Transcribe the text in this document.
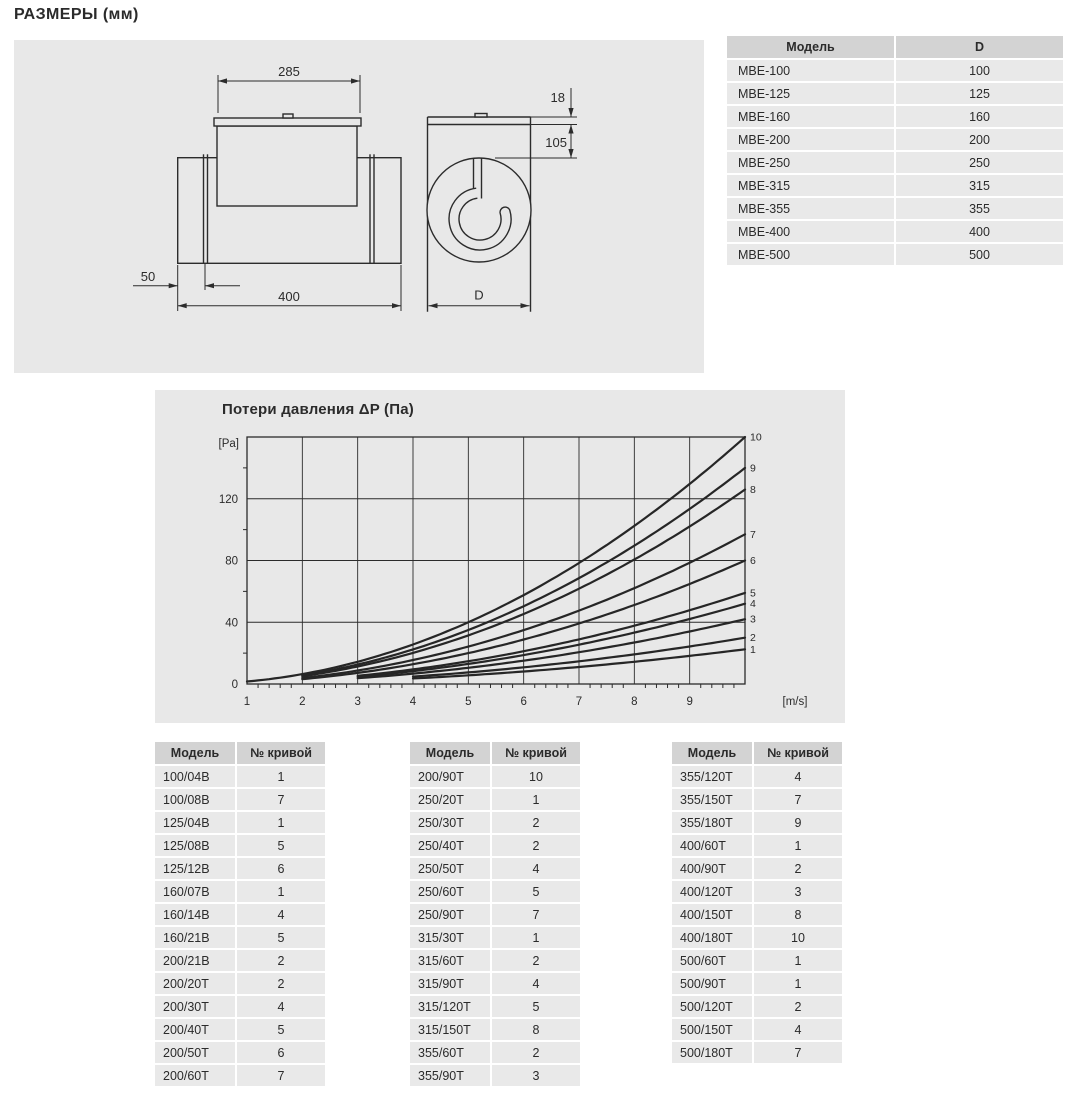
РАЗМЕРЫ (мм)
285
400
50
18
105
D
Модель	D
MBE-100	100
MBE-125	125
MBE-160	160
MBE-200	200
MBE-250	250
MBE-315	315
MBE-355	355
MBE-400	400
MBE-500	500
Потери давления ΔP (Па)
1
2
3
4
5
6
7
8
9
10
1	2	3	4	5	6	7	8	9
0
40
80
120
[Pa]
[m/s]
Модель	№ кривой
100/04B	1
100/08B	7
125/04B	1
125/08B	5
125/12B	6
160/07B	1
160/14B	4
160/21B	5
200/21B	2
200/20T	2
200/30T	4
200/40T	5
200/50T	6
200/60T	7
Модель	№ кривой
200/90T	10
250/20T	1
250/30T	2
250/40T	2
250/50T	4
250/60T	5
250/90T	7
315/30T	1
315/60T	2
315/90T	4
315/120T	5
315/150T	8
355/60T	2
355/90T	3
Модель	№ кривой
355/120T	4
355/150T	7
355/180T	9
400/60T	1
400/90T	2
400/120T	3
400/150T	8
400/180T	10
500/60T	1
500/90T	1
500/120T	2
500/150T	4
500/180T	7
